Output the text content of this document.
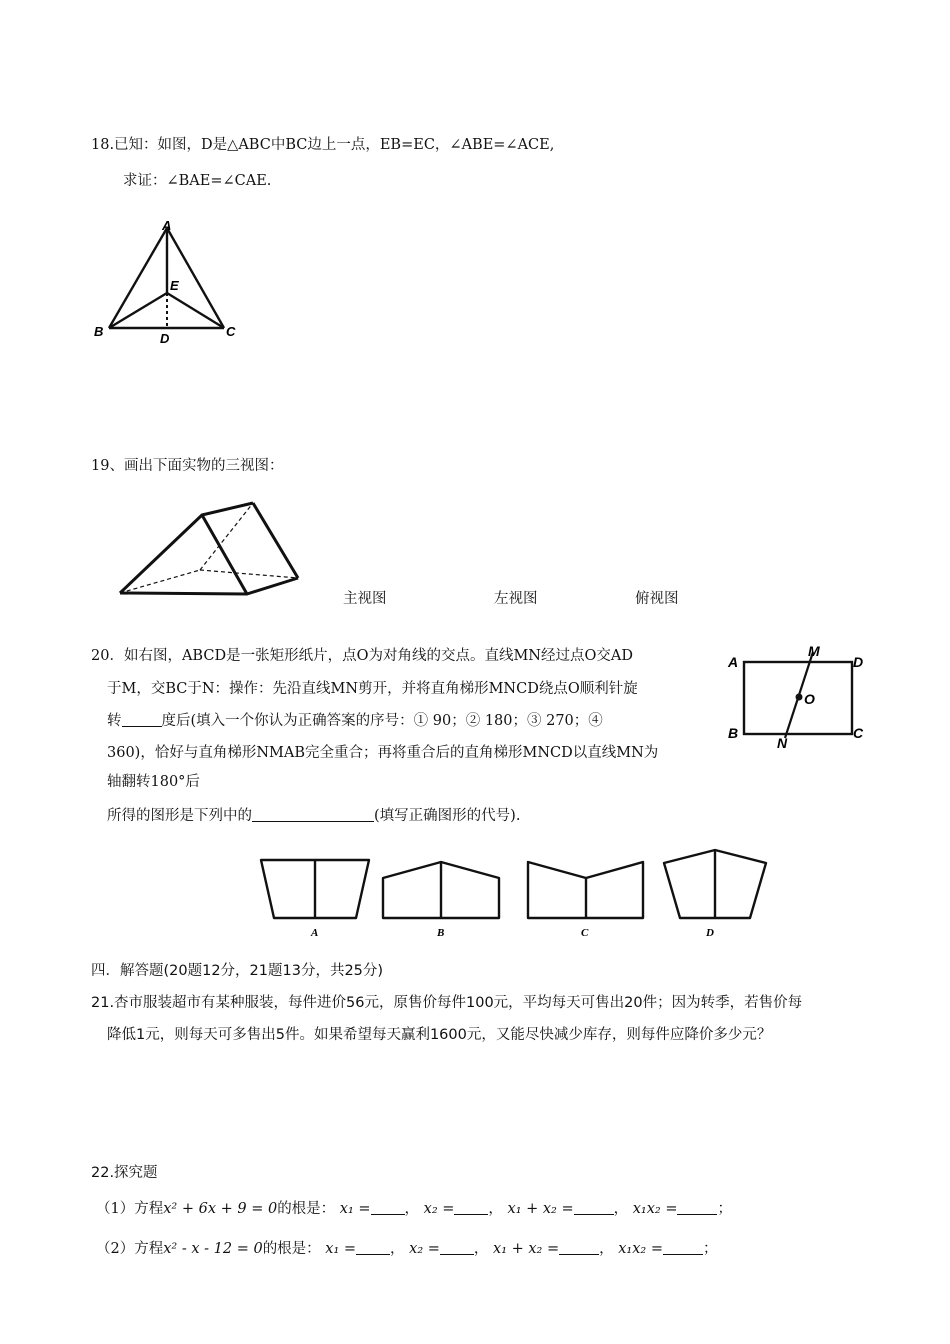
18.已知：如图，D是△ABC中BC边上一点，EB=EC，∠ABE=∠ACE,
求证：∠BAE=∠CAE.
A
E
B	D	C
19、画出下面实物的三视图：
主视图	左视图	俯视图
20．如右图，ABCD是一张矩形纸片，点O为对角线的交点。直线MN经过点O交AD
于M，交BC于N：操作：先沿直线MN剪开，并将直角梯形MNCD绕点O顺利针旋
转	度后(填入一个你认为正确答案的序号：① 90；② 180；③ 270；④
360)，恰好与直角梯形NMAB完全重合；再将重合后的直角梯形MNCD以直线MN为
轴翻转180°后
所得的图形是下列中的	(填写正确图形的代号).
A
M
D
O
B
N
C
A	B	C	D
四．解答题(20题12分，21题13分，共25分)
21.杏市服装超市有某种服装，每件进价56元，原售价每件100元，平均每天可售出20件；因为转季，若售价每
降低1元，则每天可多售出5件。如果希望每天赢利1600元，又能尽快减少库存，则每件应降价多少元？
22.探究题
（1）方程x² + 6x + 9 = 0的根是： x₁ = ， x₂ = ， x₁ + x₂ =	， x₁x₂ =	；
（2）方程x² - x - 12 = 0的根是： x₁ = ， x₂ = ， x₁ + x₂ =	， x₁x₂ =	；
